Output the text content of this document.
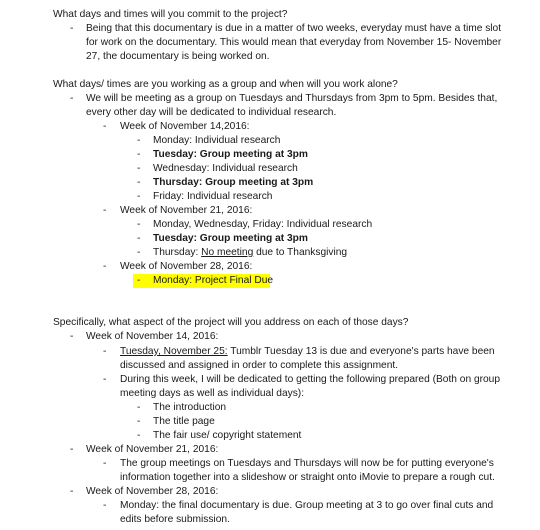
What days and times will you commit to the project?
- Being that this documentary is due in a matter of two weeks, everyday must have a time slot
for work on the documentary. This would mean that everyday from November 15- November
27, the documentary is being worked on.
What days/ times are you working as a group and when will you work alone?
- We will be meeting as a group on Tuesdays and Thursdays from 3pm to 5pm. Besides that,
every other day will be dedicated to individual research.
- Week of November 14,2016:
- Monday: Individual research
- Tuesday: Group meeting at 3pm
- Wednesday: Individual research
- Thursday: Group meeting at 3pm
- Friday: Individual research
- Week of November 21, 2016:
- Monday, Wednesday, Friday: Individual research
- Tuesday: Group meeting at 3pm
- Thursday: No meeting due to Thanksgiving
- Week of November 28, 2016:
- Monday: Project Final Due
Specifically, what aspect of the project will you address on each of those days?
- Week of November 14, 2016:
- Tuesday, November 25: Tumblr Tuesday 13 is due and everyone's parts have been
discussed and assigned in order to complete this assignment.
- During this week, I will be dedicated to getting the following prepared (Both on group
meeting days as well as individual days):
- The introduction
- The title page
- The fair use/ copyright statement
- Week of November 21, 2016:
- The group meetings on Tuesdays and Thursdays will now be for putting everyone's
information together into a slideshow or straight onto iMovie to prepare a rough cut.
- Week of November 28, 2016:
- Monday: the final documentary is due. Group meeting at 3 to go over final cuts and
edits before submission.
